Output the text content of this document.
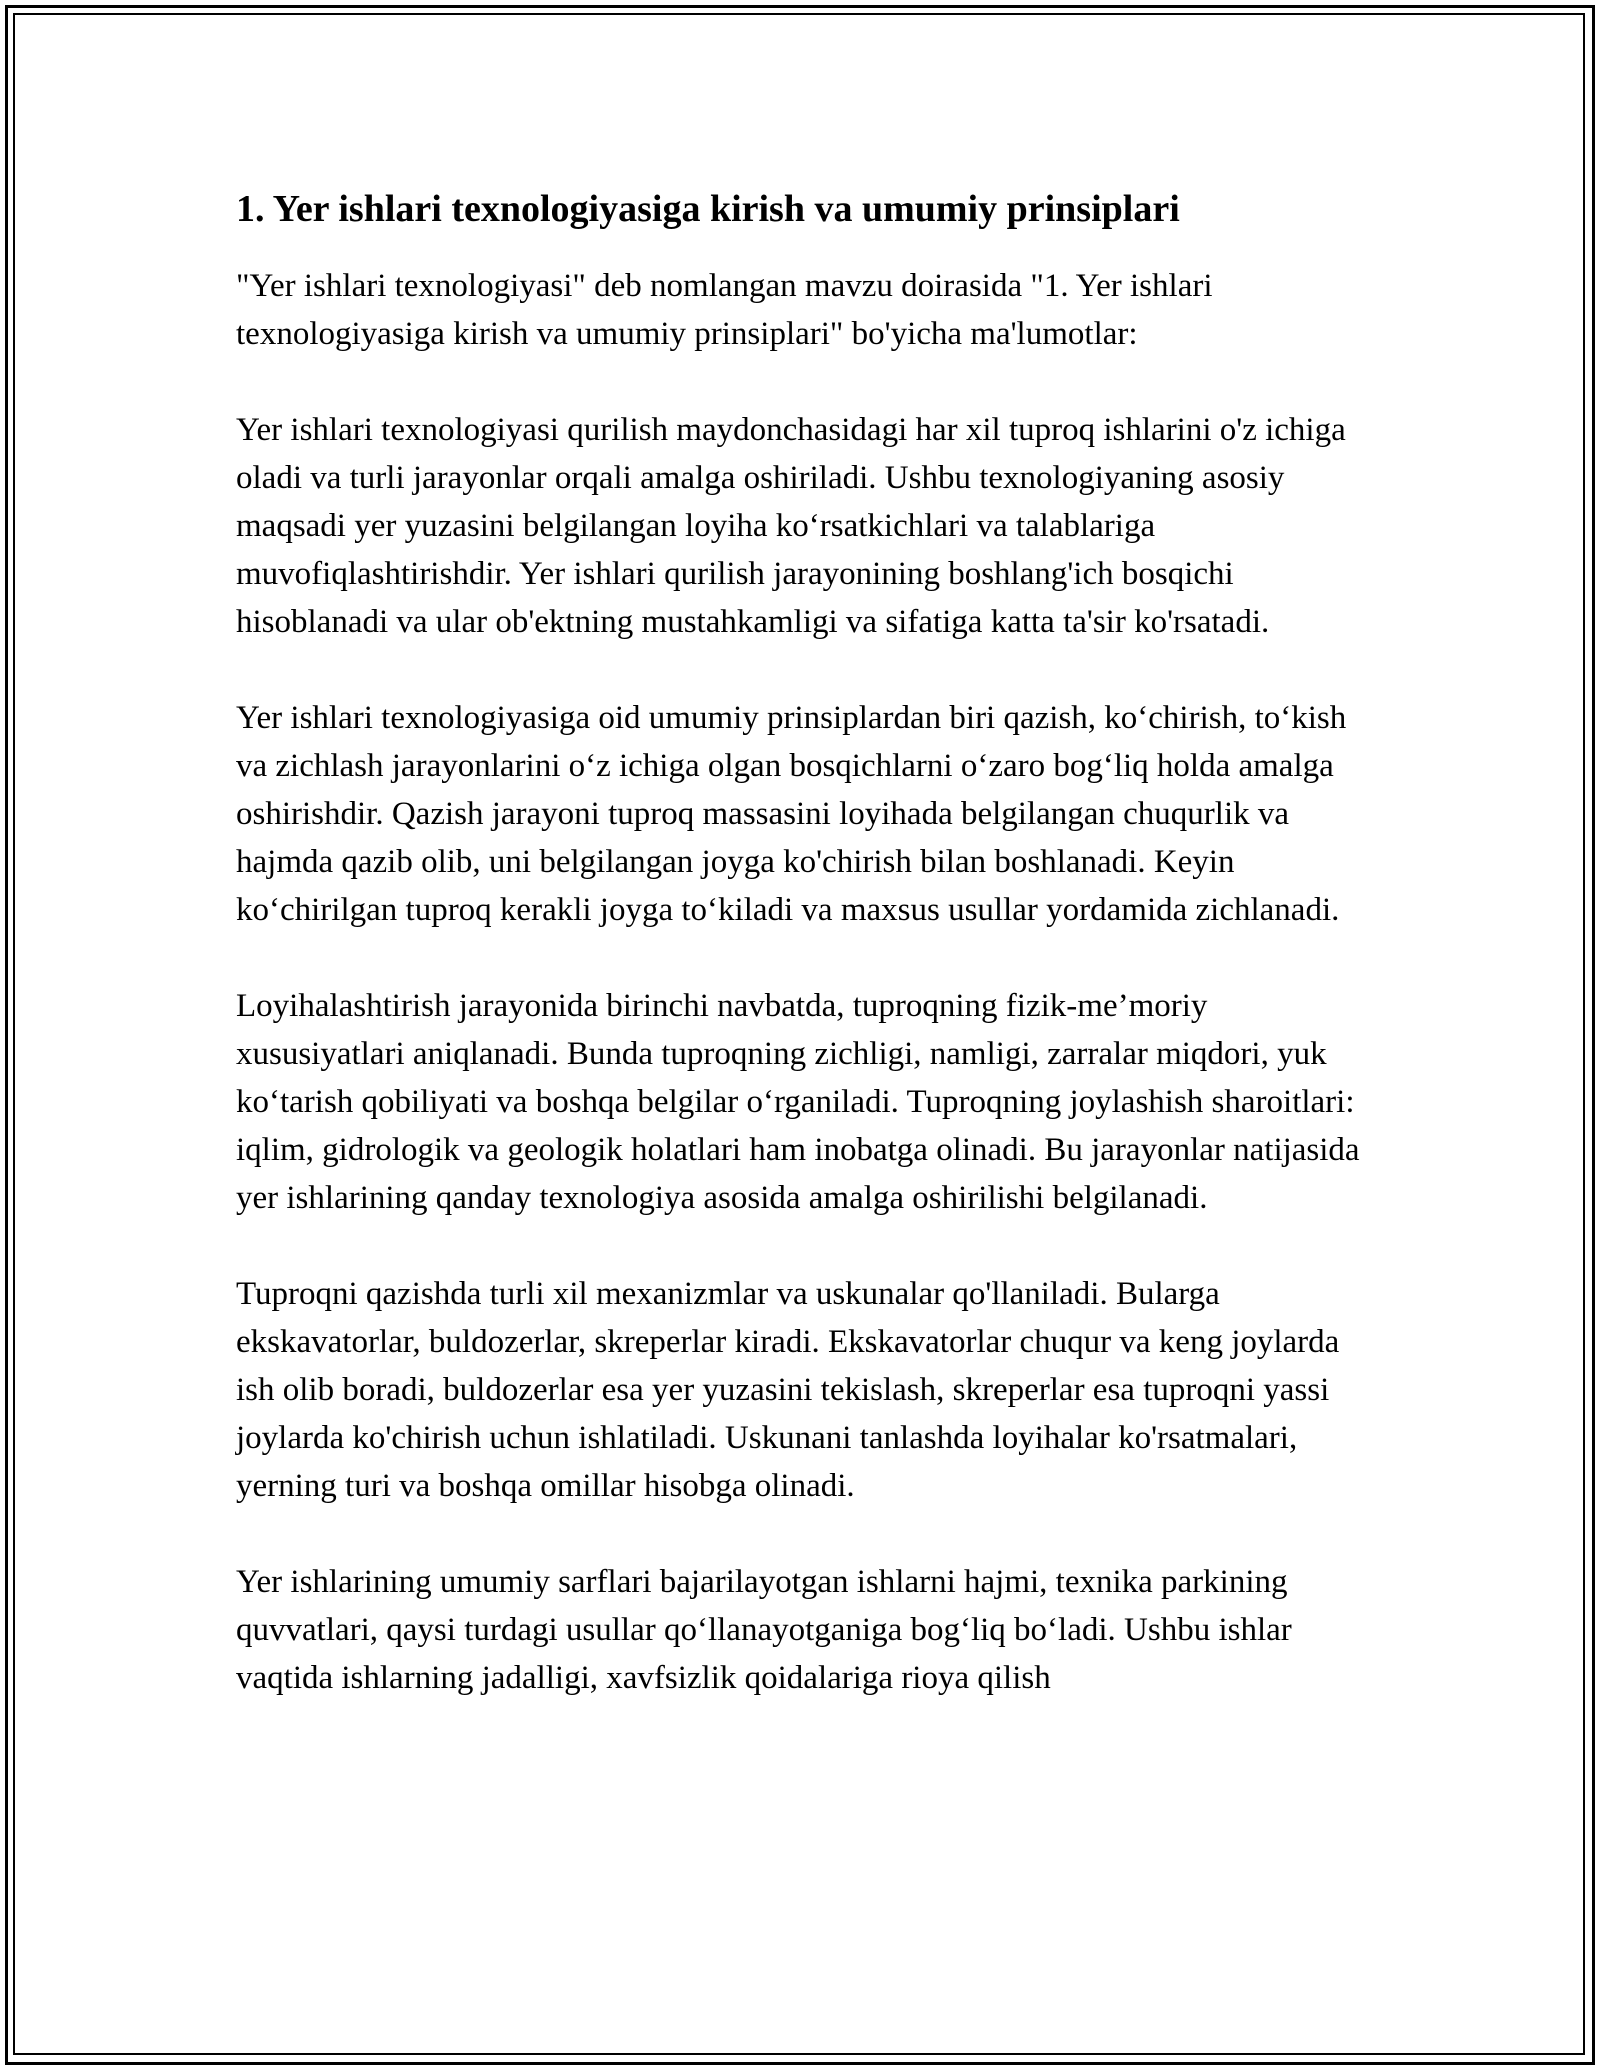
1. Yer ishlari texnologiyasiga kirish va umumiy prinsiplari

"Yer ishlari texnologiyasi" deb nomlangan mavzu doirasida "1. Yer ishlari texnologiyasiga kirish va umumiy prinsiplari" bo'yicha ma'lumotlar:

Yer ishlari texnologiyasi qurilish maydonchasidagi har xil tuproq ishlarini o'z ichiga oladi va turli jarayonlar orqali amalga oshiriladi. Ushbu texnologiyaning asosiy maqsadi yer yuzasini belgilangan loyiha ko‘rsatkichlari va talablariga muvofiqlashtirishdir. Yer ishlari qurilish jarayonining boshlang'ich bosqichi hisoblanadi va ular ob'ektning mustahkamligi va sifatiga katta ta'sir ko'rsatadi.

Yer ishlari texnologiyasiga oid umumiy prinsiplardan biri qazish, ko‘chirish, to‘kish va zichlash jarayonlarini o‘z ichiga olgan bosqichlarni o‘zaro bog‘liq holda amalga oshirishdir. Qazish jarayoni tuproq massasini loyihada belgilangan chuqurlik va hajmda qazib olib, uni belgilangan joyga ko'chirish bilan boshlanadi. Keyin ko‘chirilgan tuproq kerakli joyga to‘kiladi va maxsus usullar yordamida zichlanadi.

Loyihalashtirish jarayonida birinchi navbatda, tuproqning fizik-me’moriy xususiyatlari aniqlanadi. Bunda tuproqning zichligi, namligi, zarralar miqdori, yuk ko‘tarish qobiliyati va boshqa belgilar o‘rganiladi. Tuproqning joylashish sharoitlari: iqlim, gidrologik va geologik holatlari ham inobatga olinadi. Bu jarayonlar natijasida yer ishlarining qanday texnologiya asosida amalga oshirilishi belgilanadi.

Tuproqni qazishda turli xil mexanizmlar va uskunalar qo'llaniladi. Bularga ekskavatorlar, buldozerlar, skreperlar kiradi. Ekskavatorlar chuqur va keng joylarda ish olib boradi, buldozerlar esa yer yuzasini tekislash, skreperlar esa tuproqni yassi joylarda ko'chirish uchun ishlatiladi. Uskunani tanlashda loyihalar ko'rsatmalari, yerning turi va boshqa omillar hisobga olinadi.

Yer ishlarining umumiy sarflari bajarilayotgan ishlarni hajmi, texnika parkining quvvatlari, qaysi turdagi usullar qo‘llanayotganiga bog‘liq bo‘ladi. Ushbu ishlar vaqtida ishlarning jadalligi, xavfsizlik qoidalariga rioya qilish
